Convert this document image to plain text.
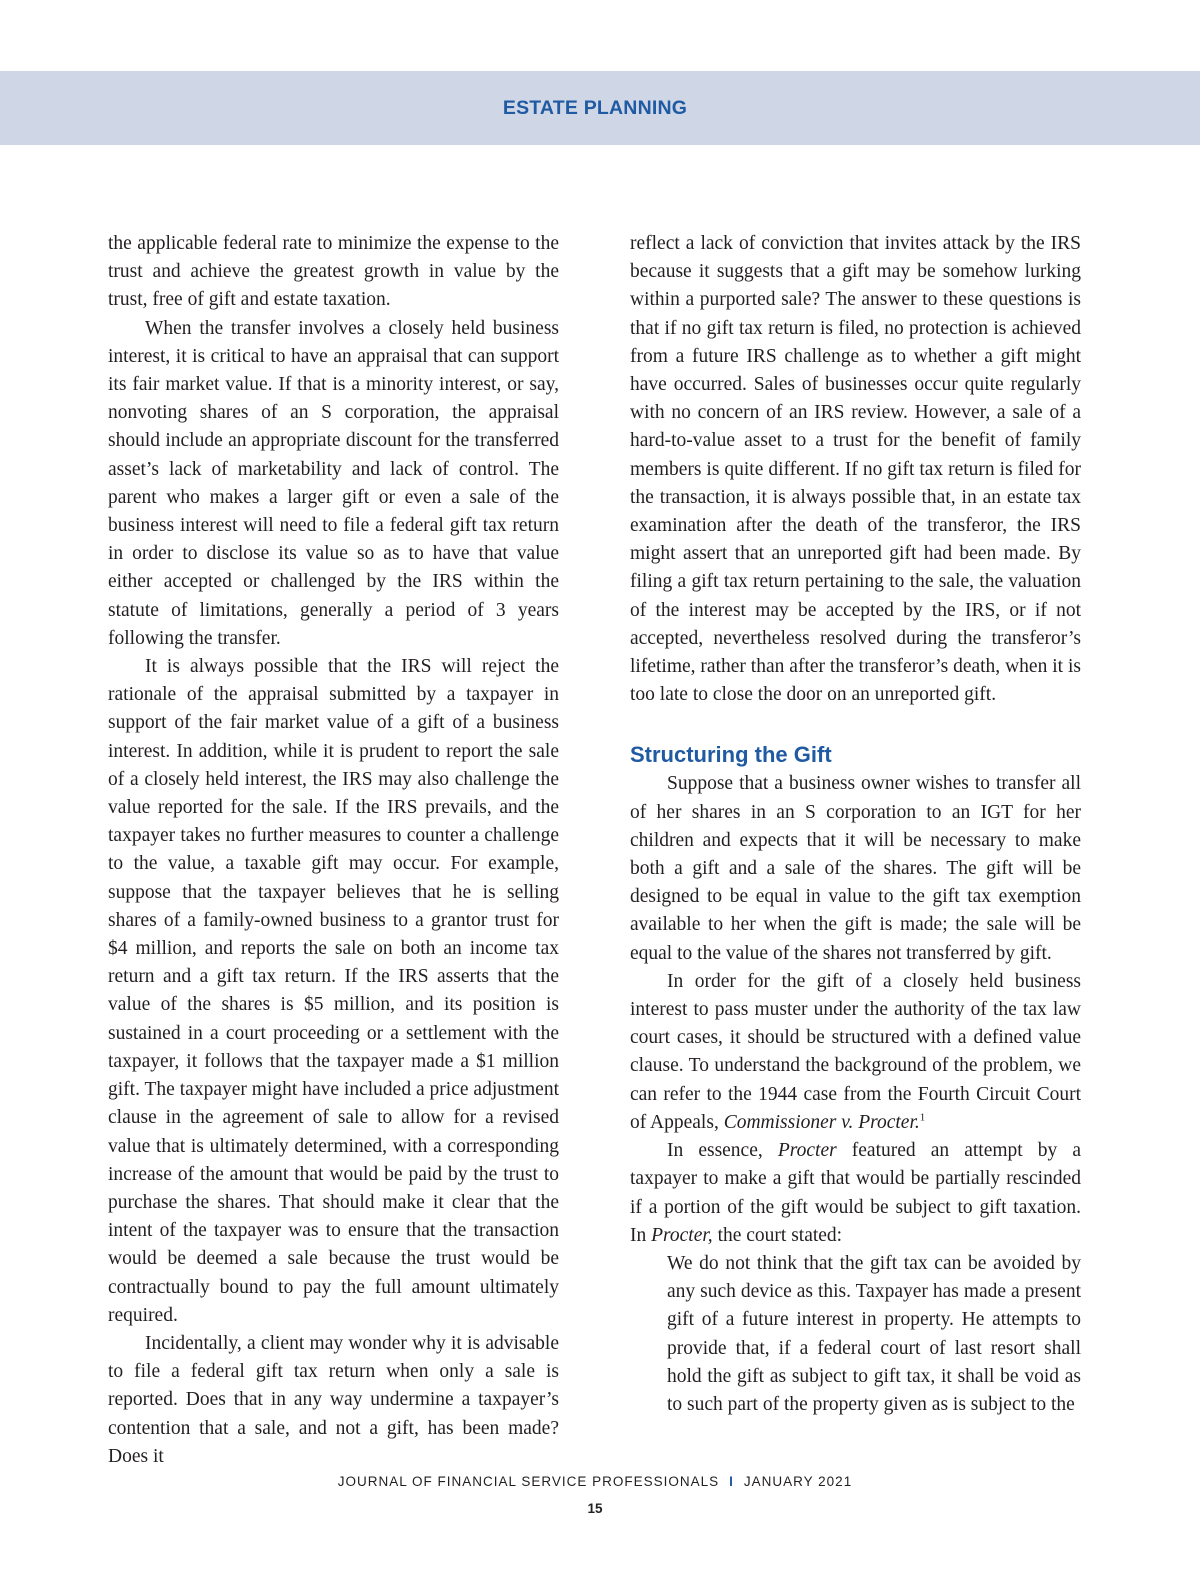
ESTATE PLANNING

the applicable federal rate to minimize the expense to the trust and achieve the greatest growth in value by the trust, free of gift and estate taxation.

When the transfer involves a closely held business interest, it is critical to have an appraisal that can support its fair market value. If that is a minority interest, or say, nonvoting shares of an S corporation, the appraisal should include an appropriate discount for the transferred asset’s lack of marketability and lack of control. The parent who makes a larger gift or even a sale of the business interest will need to file a federal gift tax return in order to disclose its value so as to have that value either accepted or challenged by the IRS within the statute of limitations, generally a period of 3 years following the transfer.

It is always possible that the IRS will reject the rationale of the appraisal submitted by a taxpayer in support of the fair market value of a gift of a business interest. In addition, while it is prudent to report the sale of a closely held interest, the IRS may also challenge the value reported for the sale. If the IRS prevails, and the taxpayer takes no further measures to counter a challenge to the value, a taxable gift may occur. For example, suppose that the taxpayer believes that he is selling shares of a family-owned business to a grantor trust for $4 million, and reports the sale on both an income tax return and a gift tax return. If the IRS asserts that the value of the shares is $5 million, and its position is sustained in a court proceeding or a settlement with the taxpayer, it follows that the taxpayer made a $1 million gift. The taxpayer might have included a price adjustment clause in the agreement of sale to allow for a revised value that is ultimately determined, with a corresponding increase of the amount that would be paid by the trust to purchase the shares. That should make it clear that the intent of the taxpayer was to ensure that the transaction would be deemed a sale because the trust would be contractually bound to pay the full amount ultimately required.

Incidentally, a client may wonder why it is advisable to file a federal gift tax return when only a sale is reported. Does that in any way undermine a taxpayer’s contention that a sale, and not a gift, has been made? Does it

reflect a lack of conviction that invites attack by the IRS because it suggests that a gift may be somehow lurking within a purported sale? The answer to these questions is that if no gift tax return is filed, no protection is achieved from a future IRS challenge as to whether a gift might have occurred. Sales of businesses occur quite regularly with no concern of an IRS review. However, a sale of a hard-to-value asset to a trust for the benefit of family members is quite different. If no gift tax return is filed for the transaction, it is always possible that, in an estate tax examination after the death of the transferor, the IRS might assert that an unreported gift had been made. By filing a gift tax return pertaining to the sale, the valuation of the interest may be accepted by the IRS, or if not accepted, nevertheless resolved during the transferor’s lifetime, rather than after the transferor’s death, when it is too late to close the door on an unreported gift.

Structuring the Gift

Suppose that a business owner wishes to transfer all of her shares in an S corporation to an IGT for her children and expects that it will be necessary to make both a gift and a sale of the shares. The gift will be designed to be equal in value to the gift tax exemption available to her when the gift is made; the sale will be equal to the value of the shares not transferred by gift.

In order for the gift of a closely held business interest to pass muster under the authority of the tax law court cases, it should be structured with a defined value clause. To understand the background of the problem, we can refer to the 1944 case from the Fourth Circuit Court of Appeals, Commissioner v. Procter.$^1$

In essence, Procter featured an attempt by a taxpayer to make a gift that would be partially rescinded if a portion of the gift would be subject to gift taxation. In Procter, the court stated:

We do not think that the gift tax can be avoided by any such device as this. Taxpayer has made a present gift of a future interest in property. He attempts to provide that, if a federal court of last resort shall hold the gift as subject to gift tax, it shall be void as to such part of the property given as is subject to the

JOURNAL OF FINANCIAL SERVICE PROFESSIONALS I JANUARY 2021
15
